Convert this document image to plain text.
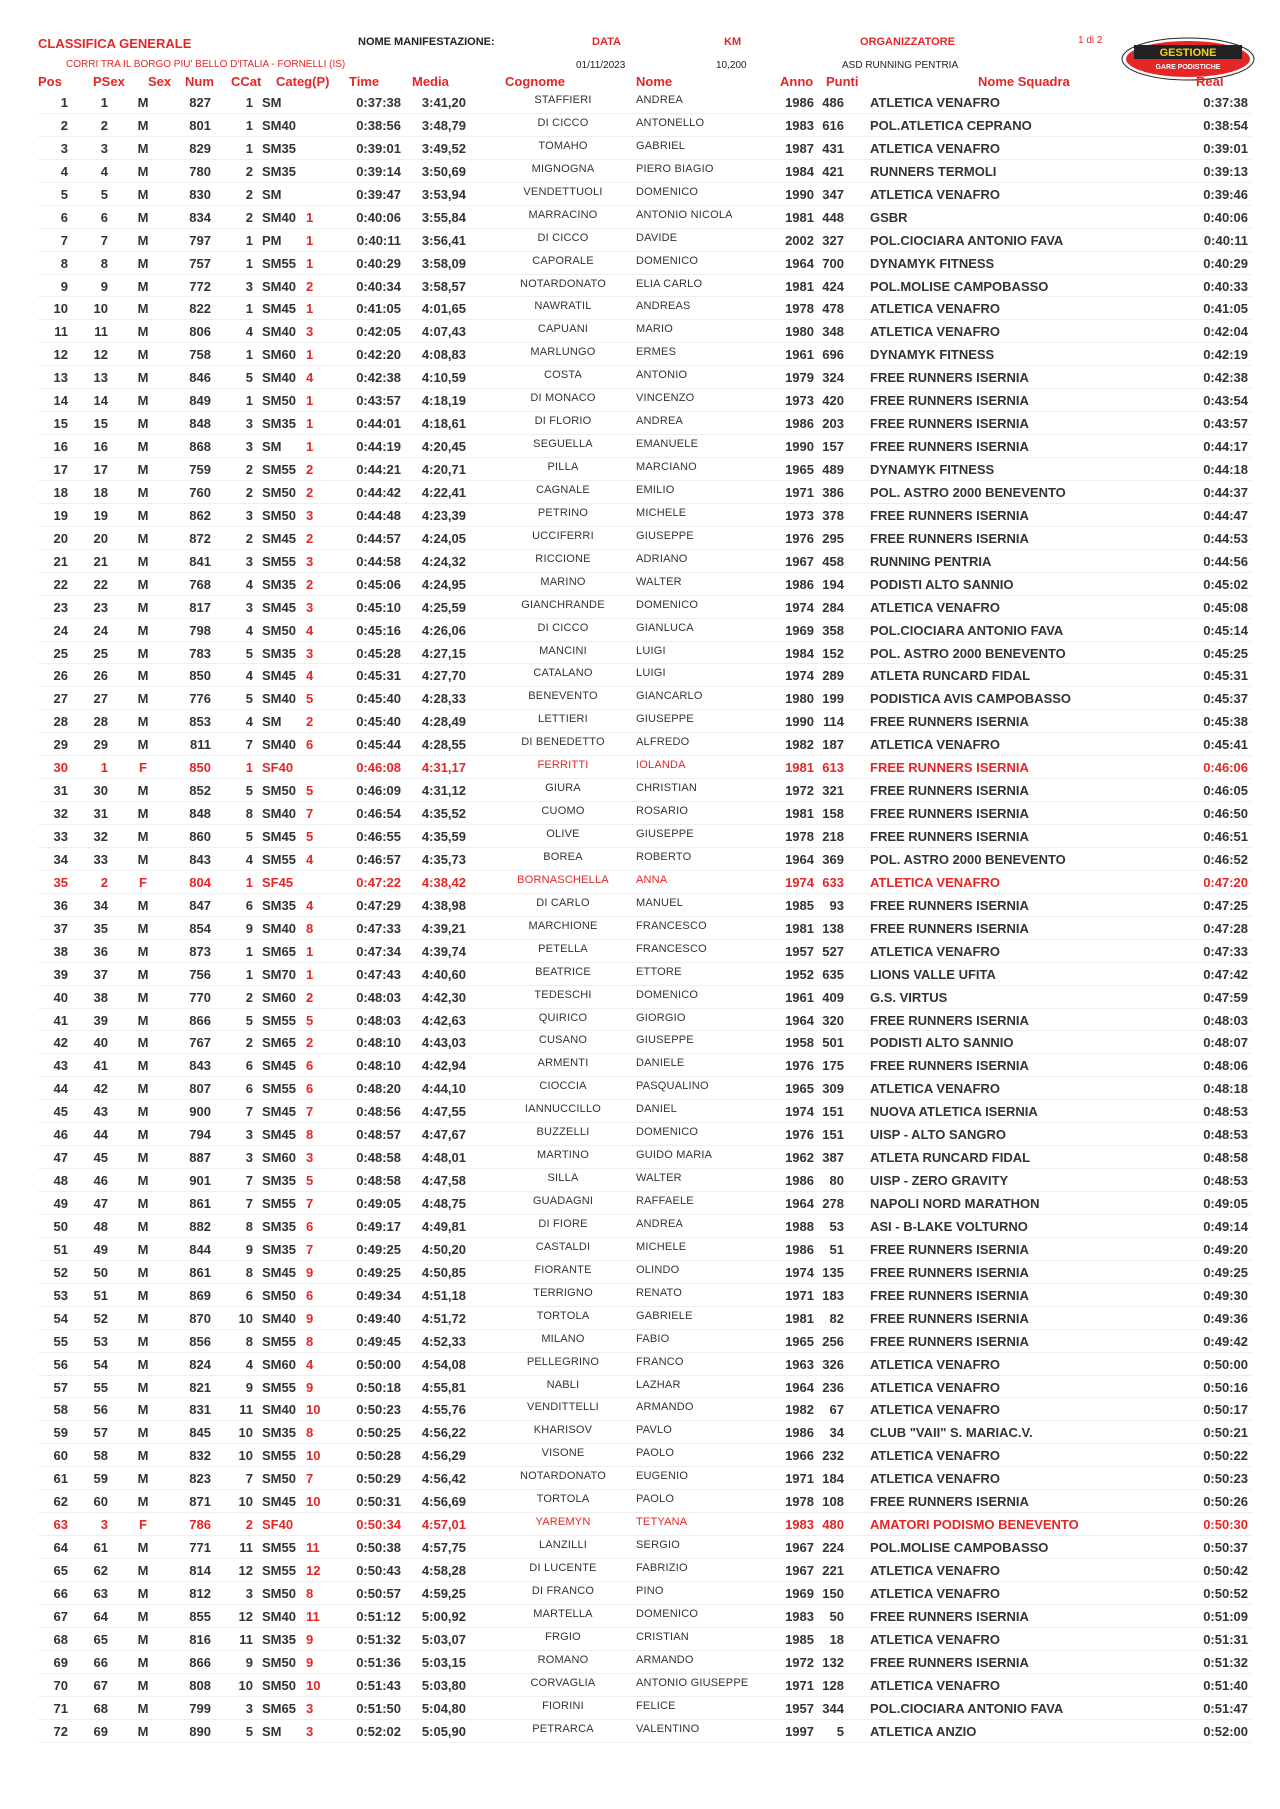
CLASSIFICA GENERALE	NOME MANIFESTAZIONE:	DATA	KM	ORGANIZZATORE	1 di 2
CORRI TRA IL BORGO PIU' BELLO D'ITALIA - FORNELLI (IS)	01/11/2023	10,200	ASD RUNNING PENTRIA
GESTIONE
GARE PODISTICHE
Pos PSex Sex Num CCat Categ(P) Time	Media	Cognome	Nome	Anno Punti	Nome Squadra	Real
1	1	M	827	1 SM	0:37:38	3:41,20	STAFFIERI	ANDREA	1986 486 ATLETICA VENAFRO	0:37:38
2	2	M	801	1 SM40	0:38:56	3:48,79	DI CICCO	ANTONELLO	1983 616 POL.ATLETICA CEPRANO	0:38:54
3	3	M	829	1 SM35	0:39:01	3:49,52	TOMAHO	GABRIEL	1987 431 ATLETICA VENAFRO	0:39:01
4	4	M	780	2 SM35	0:39:14	3:50,69	MIGNOGNA	PIERO BIAGIO	1984 421 RUNNERS TERMOLI	0:39:13
5	5	M	830	2 SM	0:39:47	3:53,94	VENDETTUOLI	DOMENICO	1990 347 ATLETICA VENAFRO	0:39:46
6	6	M	834	2 SM40 1	0:40:06	3:55,84	MARRACINO	ANTONIO NICOLA	1981 448 GSBR	0:40:06
7	7	M	797	1 PM	1	0:40:11	3:56,41	DI CICCO	DAVIDE	2002 327 POL.CIOCIARA ANTONIO FAVA	0:40:11
8	8	M	757	1 SM55 1	0:40:29	3:58,09	CAPORALE	DOMENICO	1964 700 DYNAMYK FITNESS	0:40:29
9	9	M	772	3 SM40 2	0:40:34	3:58,57	NOTARDONATO	ELIA CARLO	1981 424 POL.MOLISE CAMPOBASSO	0:40:33
10	10	M	822	1 SM45 1	0:41:05	4:01,65	NAWRATIL	ANDREAS	1978 478 ATLETICA VENAFRO	0:41:05
11	11	M	806	4 SM40 3	0:42:05	4:07,43	CAPUANI	MARIO	1980 348 ATLETICA VENAFRO	0:42:04
12	12	M	758	1 SM60 1	0:42:20	4:08,83	MARLUNGO	ERMES	1961 696 DYNAMYK FITNESS	0:42:19
13	13	M	846	5 SM40 4	0:42:38	4:10,59	COSTA	ANTONIO	1979 324 FREE RUNNERS ISERNIA	0:42:38
14	14	M	849	1 SM50 1	0:43:57	4:18,19	DI MONACO	VINCENZO	1973 420 FREE RUNNERS ISERNIA	0:43:54
15	15	M	848	3 SM35 1	0:44:01	4:18,61	DI FLORIO	ANDREA	1986 203 FREE RUNNERS ISERNIA	0:43:57
16	16	M	868	3 SM	1	0:44:19	4:20,45	SEGUELLA	EMANUELE	1990 157 FREE RUNNERS ISERNIA	0:44:17
17	17	M	759	2 SM55 2	0:44:21	4:20,71	PILLA	MARCIANO	1965 489 DYNAMYK FITNESS	0:44:18
18	18	M	760	2 SM50 2	0:44:42	4:22,41	CAGNALE	EMILIO	1971 386 POL. ASTRO 2000 BENEVENTO	0:44:37
19	19	M	862	3 SM50 3	0:44:48	4:23,39	PETRINO	MICHELE	1973 378 FREE RUNNERS ISERNIA	0:44:47
20	20	M	872	2 SM45 2	0:44:57	4:24,05	UCCIFERRI	GIUSEPPE	1976 295 FREE RUNNERS ISERNIA	0:44:53
21	21	M	841	3 SM55 3	0:44:58	4:24,32	RICCIONE	ADRIANO	1967 458 RUNNING PENTRIA	0:44:56
22	22	M	768	4 SM35 2	0:45:06	4:24,95	MARINO	WALTER	1986 194 PODISTI ALTO SANNIO	0:45:02
23	23	M	817	3 SM45 3	0:45:10	4:25,59	GIANCHRANDE	DOMENICO	1974 284 ATLETICA VENAFRO	0:45:08
24	24	M	798	4 SM50 4	0:45:16	4:26,06	DI CICCO	GIANLUCA	1969 358 POL.CIOCIARA ANTONIO FAVA	0:45:14
25	25	M	783	5 SM35 3	0:45:28	4:27,15	MANCINI	LUIGI	1984 152 POL. ASTRO 2000 BENEVENTO	0:45:25
26	26	M	850	4 SM45 4	0:45:31	4:27,70	CATALANO	LUIGI	1974 289 ATLETA RUNCARD FIDAL	0:45:31
27	27	M	776	5 SM40 5	0:45:40	4:28,33	BENEVENTO	GIANCARLO	1980 199 PODISTICA AVIS CAMPOBASSO	0:45:37
28	28	M	853	4 SM	2	0:45:40	4:28,49	LETTIERI	GIUSEPPE	1990 114 FREE RUNNERS ISERNIA	0:45:38
29	29	M	811	7 SM40 6	0:45:44	4:28,55	DI BENEDETTO	ALFREDO	1982 187 ATLETICA VENAFRO	0:45:41
30	1	F	850	1 SF40	0:46:08	4:31,17	FERRITTI	IOLANDA	1981 613 FREE RUNNERS ISERNIA	0:46:06
31	30	M	852	5 SM50 5	0:46:09	4:31,12	GIURA	CHRISTIAN	1972 321 FREE RUNNERS ISERNIA	0:46:05
32	31	M	848	8 SM40 7	0:46:54	4:35,52	CUOMO	ROSARIO	1981 158 FREE RUNNERS ISERNIA	0:46:50
33	32	M	860	5 SM45 5	0:46:55	4:35,59	OLIVE	GIUSEPPE	1978 218 FREE RUNNERS ISERNIA	0:46:51
34	33	M	843	4 SM55 4	0:46:57	4:35,73	BOREA	ROBERTO	1964 369 POL. ASTRO 2000 BENEVENTO	0:46:52
35	2	F	804	1 SF45	0:47:22	4:38,42	BORNASCHELLA	ANNA	1974 633 ATLETICA VENAFRO	0:47:20
36	34	M	847	6 SM35 4	0:47:29	4:38,98	DI CARLO	MANUEL	1985	93 FREE RUNNERS ISERNIA	0:47:25
37	35	M	854	9 SM40 8	0:47:33	4:39,21	MARCHIONE	FRANCESCO	1981 138 FREE RUNNERS ISERNIA	0:47:28
38	36	M	873	1 SM65 1	0:47:34	4:39,74	PETELLA	FRANCESCO	1957 527 ATLETICA VENAFRO	0:47:33
39	37	M	756	1 SM70 1	0:47:43	4:40,60	BEATRICE	ETTORE	1952 635 LIONS VALLE UFITA	0:47:42
40	38	M	770	2 SM60 2	0:48:03	4:42,30	TEDESCHI	DOMENICO	1961 409 G.S. VIRTUS	0:47:59
41	39	M	866	5 SM55 5	0:48:03	4:42,63	QUIRICO	GIORGIO	1964 320 FREE RUNNERS ISERNIA	0:48:03
42	40	M	767	2 SM65 2	0:48:10	4:43,03	CUSANO	GIUSEPPE	1958 501 PODISTI ALTO SANNIO	0:48:07
43	41	M	843	6 SM45 6	0:48:10	4:42,94	ARMENTI	DANIELE	1976 175 FREE RUNNERS ISERNIA	0:48:06
44	42	M	807	6 SM55 6	0:48:20	4:44,10	CIOCCIA	PASQUALINO	1965 309 ATLETICA VENAFRO	0:48:18
45	43	M	900	7 SM45 7	0:48:56	4:47,55	IANNUCCILLO	DANIEL	1974 151 NUOVA ATLETICA ISERNIA	0:48:53
46	44	M	794	3 SM45 8	0:48:57	4:47,67	BUZZELLI	DOMENICO	1976 151 UISP - ALTO SANGRO	0:48:53
47	45	M	887	3 SM60 3	0:48:58	4:48,01	MARTINO	GUIDO MARIA	1962 387 ATLETA RUNCARD FIDAL	0:48:58
48	46	M	901	7 SM35 5	0:48:58	4:47,58	SILLA	WALTER	1986	80 UISP - ZERO GRAVITY	0:48:53
49	47	M	861	7 SM55 7	0:49:05	4:48,75	GUADAGNI	RAFFAELE	1964 278 NAPOLI NORD MARATHON	0:49:05
50	48	M	882	8 SM35 6	0:49:17	4:49,81	DI FIORE	ANDREA	1988	53 ASI - B-LAKE VOLTURNO	0:49:14
51	49	M	844	9 SM35 7	0:49:25	4:50,20	CASTALDI	MICHELE	1986	51 FREE RUNNERS ISERNIA	0:49:20
52	50	M	861	8 SM45 9	0:49:25	4:50,85	FIORANTE	OLINDO	1974 135 FREE RUNNERS ISERNIA	0:49:25
53	51	M	869	6 SM50 6	0:49:34	4:51,18	TERRIGNO	RENATO	1971 183 FREE RUNNERS ISERNIA	0:49:30
54	52	M	870	10 SM40 9	0:49:40	4:51,72	TORTOLA	GABRIELE	1981	82 FREE RUNNERS ISERNIA	0:49:36
55	53	M	856	8 SM55 8	0:49:45	4:52,33	MILANO	FABIO	1965 256 FREE RUNNERS ISERNIA	0:49:42
56	54	M	824	4 SM60 4	0:50:00	4:54,08	PELLEGRINO	FRANCO	1963 326 ATLETICA VENAFRO	0:50:00
57	55	M	821	9 SM55 9	0:50:18	4:55,81	NABLI	LAZHAR	1964 236 ATLETICA VENAFRO	0:50:16
58	56	M	831	11 SM40 10	0:50:23	4:55,76	VENDITTELLI	ARMANDO	1982	67 ATLETICA VENAFRO	0:50:17
59	57	M	845	10 SM35 8	0:50:25	4:56,22	KHARISOV	PAVLO	1986	34 CLUB "VAII" S. MARIAC.V.	0:50:21
60	58	M	832	10 SM55 10	0:50:28	4:56,29	VISONE	PAOLO	1966 232 ATLETICA VENAFRO	0:50:22
61	59	M	823	7 SM50 7	0:50:29	4:56,42	NOTARDONATO	EUGENIO	1971 184 ATLETICA VENAFRO	0:50:23
62	60	M	871	10 SM45 10	0:50:31	4:56,69	TORTOLA	PAOLO	1978 108 FREE RUNNERS ISERNIA	0:50:26
63	3	F	786	2 SF40	0:50:34	4:57,01	YAREMYN	TETYANA	1983 480 AMATORI PODISMO BENEVENTO	0:50:30
64	61	M	771	11 SM55 11	0:50:38	4:57,75	LANZILLI	SERGIO	1967 224 POL.MOLISE CAMPOBASSO	0:50:37
65	62	M	814	12 SM55 12	0:50:43	4:58,28	DI LUCENTE	FABRIZIO	1967 221 ATLETICA VENAFRO	0:50:42
66	63	M	812	3 SM50 8	0:50:57	4:59,25	DI FRANCO	PINO	1969 150 ATLETICA VENAFRO	0:50:52
67	64	M	855	12 SM40 11	0:51:12	5:00,92	MARTELLA	DOMENICO	1983	50 FREE RUNNERS ISERNIA	0:51:09
68	65	M	816	11 SM35 9	0:51:32	5:03,07	FRGIO	CRISTIAN	1985	18 ATLETICA VENAFRO	0:51:31
69	66	M	866	9 SM50 9	0:51:36	5:03,15	ROMANO	ARMANDO	1972 132 FREE RUNNERS ISERNIA	0:51:32
70	67	M	808	10 SM50 10	0:51:43	5:03,80	CORVAGLIA	ANTONIO GIUSEPPE	1971 128 ATLETICA VENAFRO	0:51:40
71	68	M	799	3 SM65 3	0:51:50	5:04,80	FIORINI	FELICE	1957 344 POL.CIOCIARA ANTONIO FAVA	0:51:47
72	69	M	890	5 SM	3	0:52:02	5:05,90	PETRARCA	VALENTINO	1997	5 ATLETICA ANZIO	0:52:00
